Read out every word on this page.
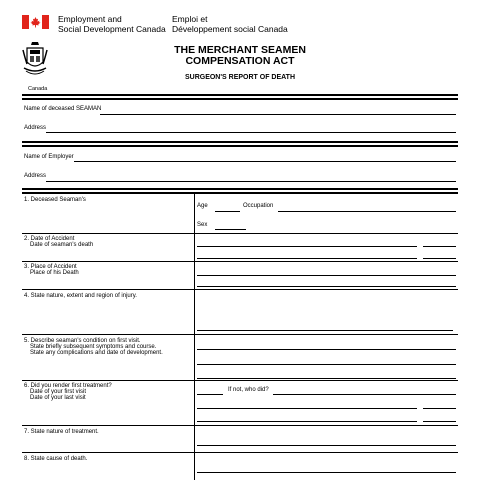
Employment and
Social Development Canada
Emploi et
Développement social Canada
Canada
THE MERCHANT SEAMEN
COMPENSATION ACT
SURGEON'S REPORT OF DEATH
Name of deceased SEAMAN
Address
Name of Employer
Address
1. Deceased Seaman's
Age	Occupation
Sex
2. Date of Accident
Date of seaman's death
3. Place of Accident
Place of his Death
4. State nature, extent and region of injury.
5. Describe seaman's condition on first visit.
State briefly subsequent symptoms and course.
State any complications and date of development.
6. Did you render first treatment?
Date of your first visit
Date of your last visit
If not, who did?
7. State nature of treatment.
8. State cause of death.
